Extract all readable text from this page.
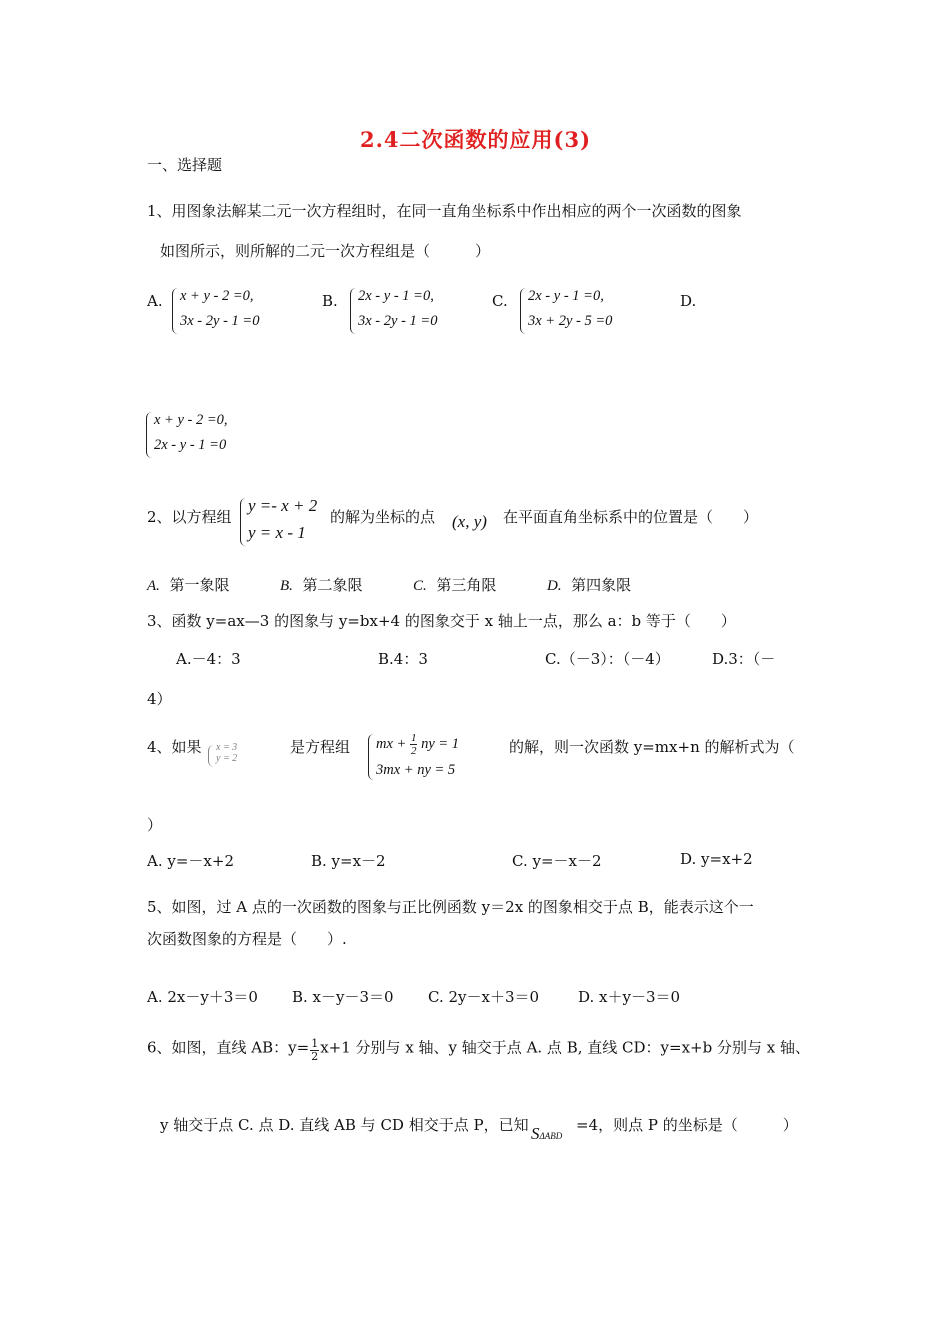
2.4二次函数的应用(3)
一、选择题
1、用图象法解某二元一次方程组时，在同一直角坐标系中作出相应的两个一次函数的图象
如图所示，则所解的二元一次方程组是（　　　）
A. x + y - 2 =0,
3x - 2y - 1 =0
B. 2x - y - 1 =0,
3x - 2y - 1 =0
C. 2x - y - 1 =0,
3x + 2y - 5 =0
D.
x + y - 2 =0,
2x - y - 1 =0
2、以方程组
y =- x + 2
y = x - 1
的解为坐标的点 (x, y) 在平面直角坐标系中的位置是（　　）
A. 第一象限	B. 第二象限	C. 第三角限	D. 第四象限
3、函数 y=ax—3 的图象与 y=bx+4 的图象交于 x 轴上一点，那么 a：b 等于（　　）
A.－4：3	B.4：3	C.（－3）：（－4）	D.3：（－
4）
4、如果 x = 3
y = 2
是方程组 mx + $\frac{1}{2}$ ny = 1
3mx + ny = 5
的解，则一次函数 y=mx+n 的解析式为（
）
A. y=－x+2	B. y=x－2	C. y=－x－2	D. y=x+2
5、如图，过 A 点的一次函数的图象与正比例函数 y＝2x 的图象相交于点 B，能表示这个一
次函数图象的方程是（　　）.
A. 2x－y＋3＝0 B. x－y－3＝0 C. 2y－x＋3＝0	D. x＋y－3＝0
6、如图，直线 AB：$y= \frac{1}{2} x+1$ 分别与 x 轴、y 轴交于点 A. 点 B, 直线 CD：y=x+b 分别与 x 轴、
y 轴交于点 C. 点 D. 直线 AB 与 CD 相交于点 P，已知 SΔABD
=4，则点 P 的坐标是（　　　）
